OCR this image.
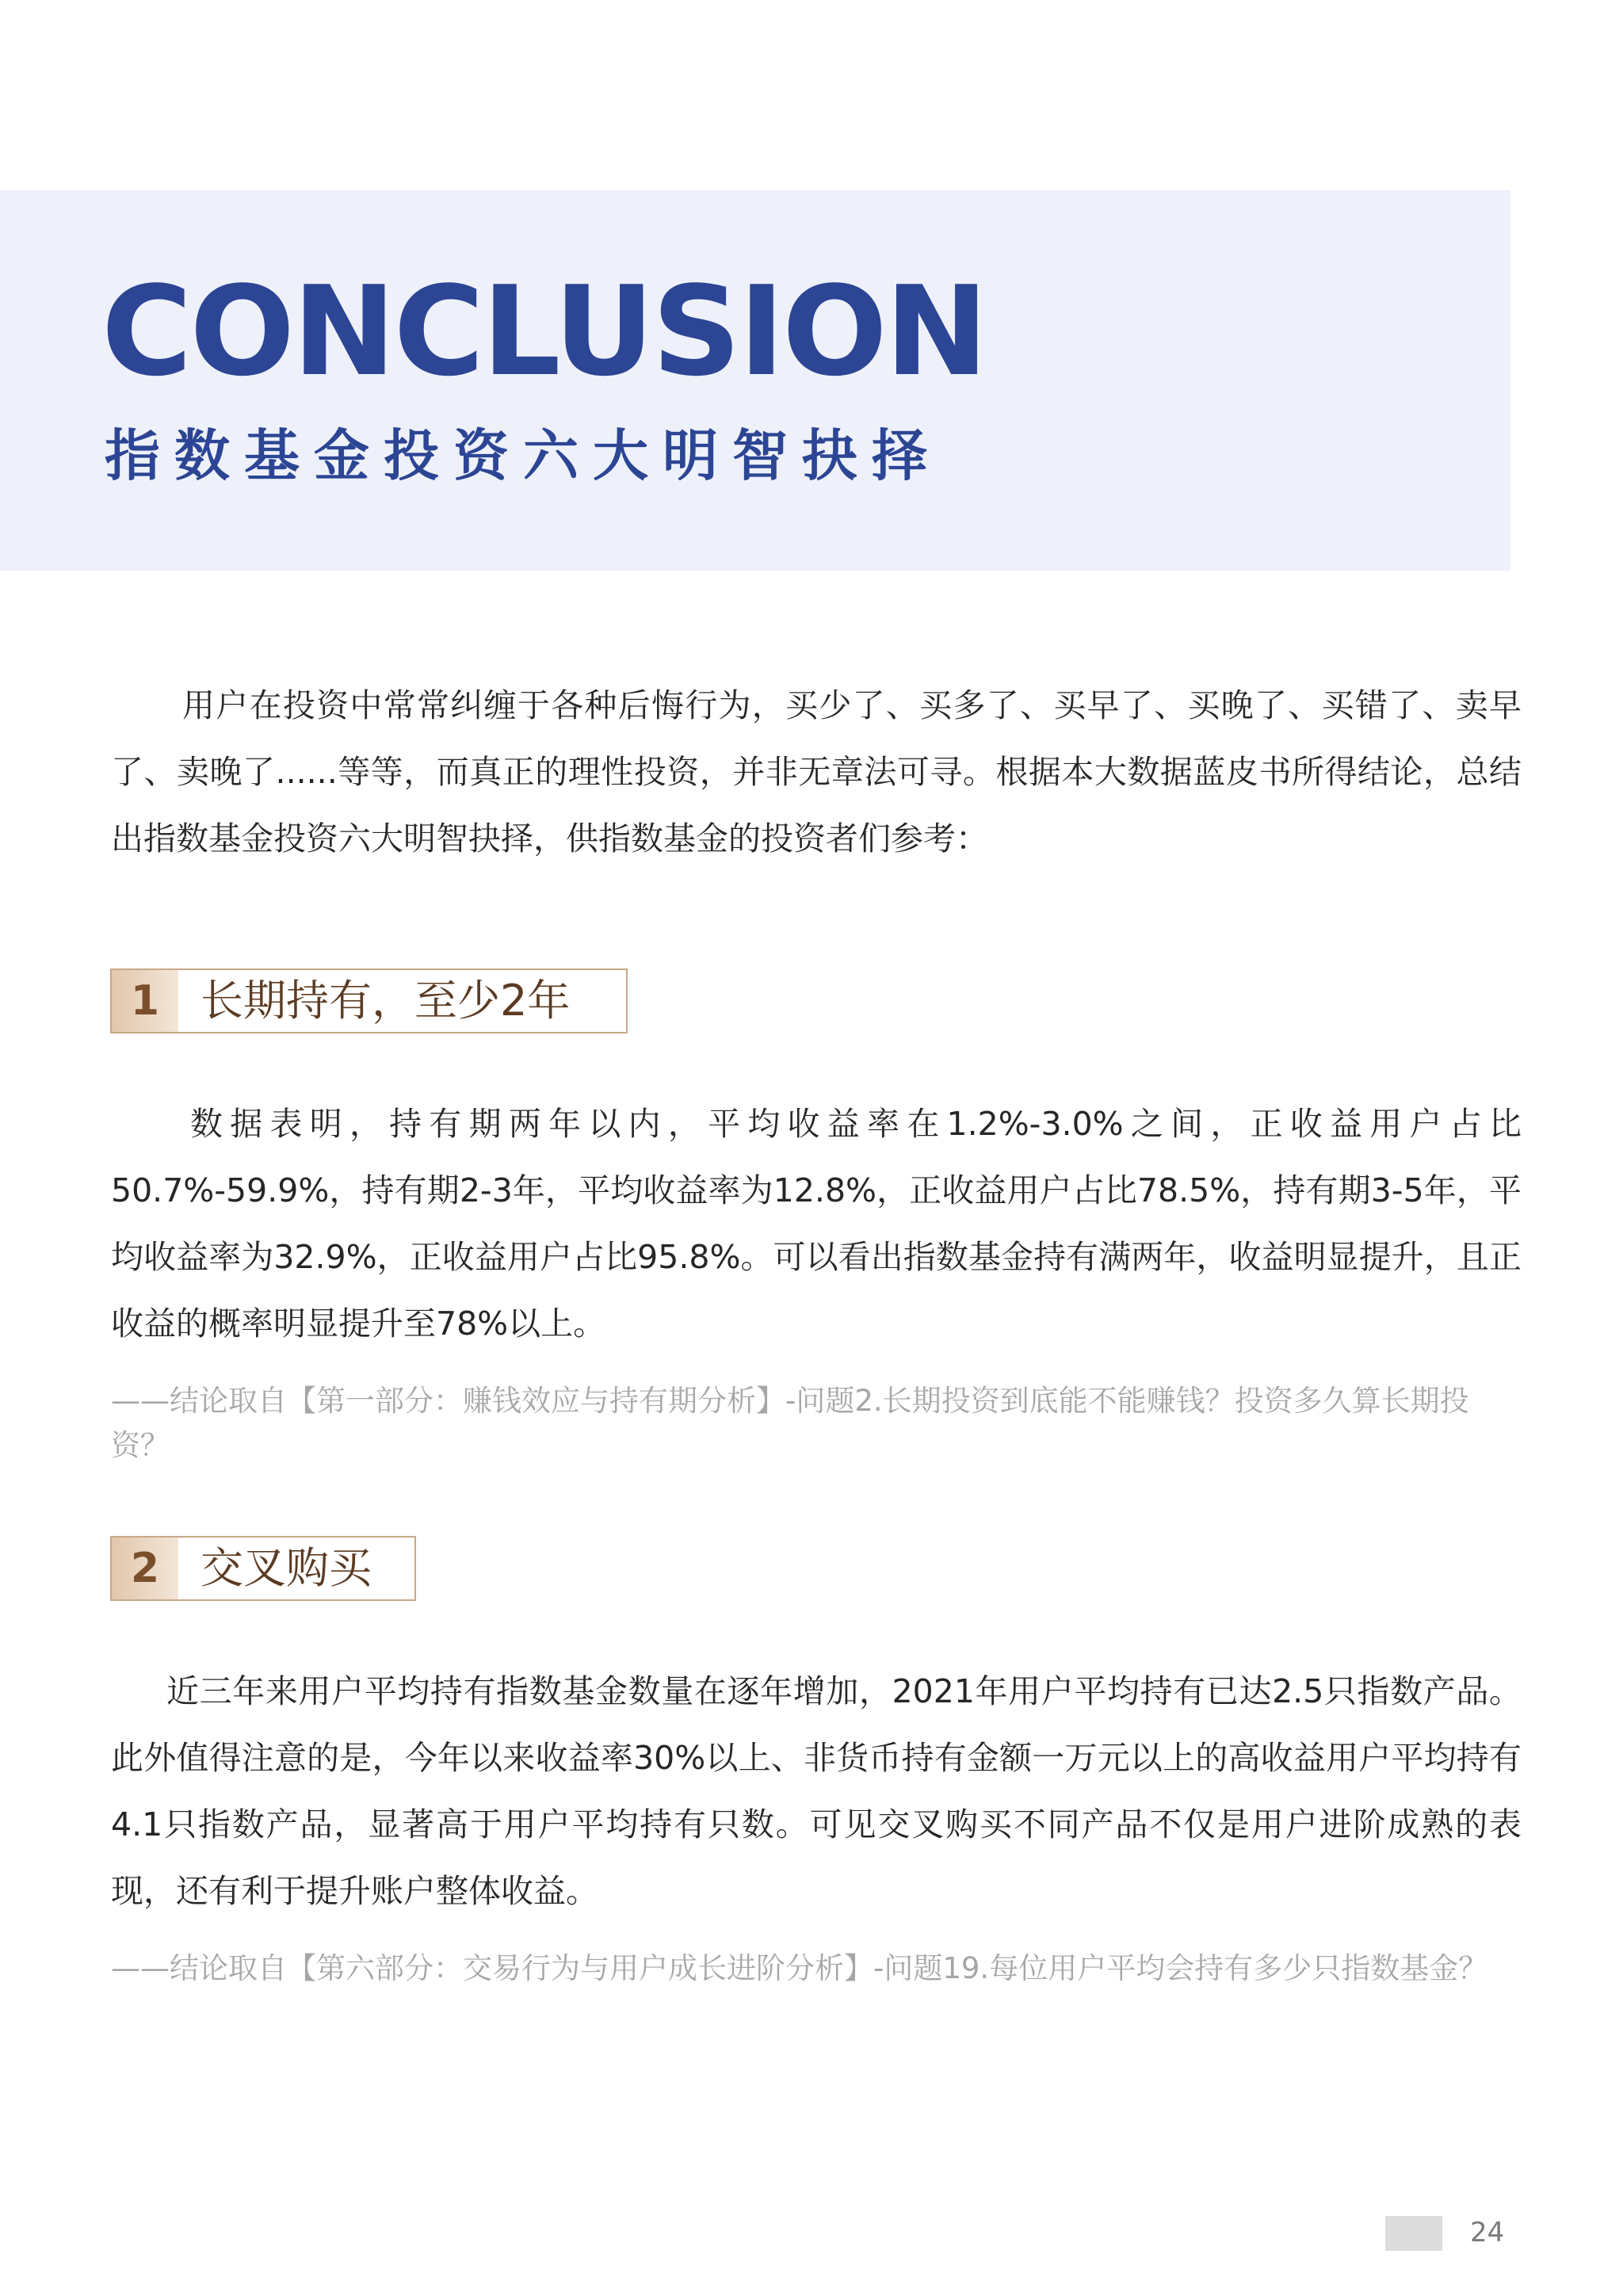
CONCLUSION
指数基金投资六大明智抉择

用户在投资中常常纠缠于各种后悔行为，买少了、买多了、买早了、买晚了、买错了、卖早了、卖晚了......等等，而真正的理性投资，并非无章法可寻。根据本大数据蓝皮书所得结论，总结出指数基金投资六大明智抉择，供指数基金的投资者们参考：

1 长期持有，至少2年

数据表明，持有期两年以内，平均收益率在1.2%-3.0%之间，正收益用户占比50.7%-59.9%，持有期2-3年，平均收益率为12.8%，正收益用户占比78.5%，持有期3-5年，平均收益率为32.9%，正收益用户占比95.8%。可以看出指数基金持有满两年，收益明显提升，且正收益的概率明显提升至78%以上。

——结论取自【第一部分：赚钱效应与持有期分析】-问题2.长期投资到底能不能赚钱？投资多久算长期投资？

2 交叉购买

近三年来用户平均持有指数基金数量在逐年增加，2021年用户平均持有已达2.5只指数产品。此外值得注意的是，今年以来收益率30%以上、非货币持有金额一万元以上的高收益用户平均持有4.1只指数产品，显著高于用户平均持有只数。可见交叉购买不同产品不仅是用户进阶成熟的表现，还有利于提升账户整体收益。

——结论取自【第六部分：交易行为与用户成长进阶分析】-问题19.每位用户平均会持有多少只指数基金？

24
